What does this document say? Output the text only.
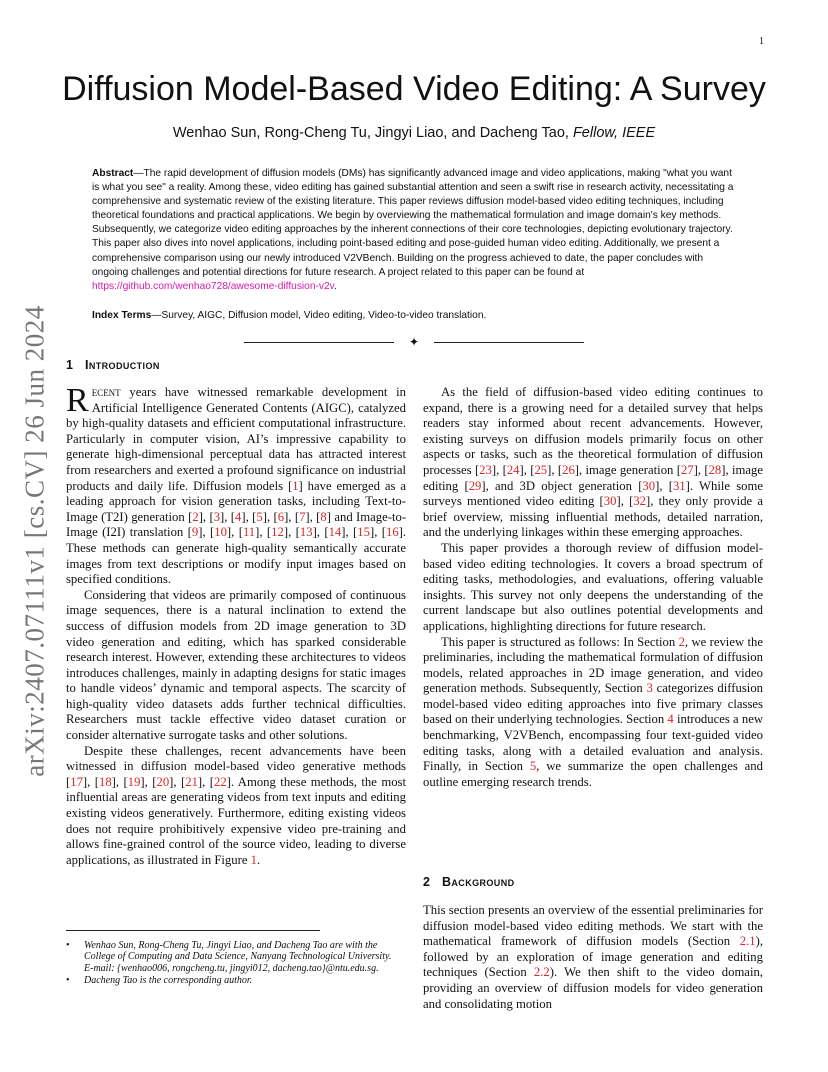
1
arXiv:2407.07111v1 [cs.CV] 26 Jun 2024
Diffusion Model-Based Video Editing: A Survey
Wenhao Sun, Rong-Cheng Tu, Jingyi Liao, and Dacheng Tao, Fellow, IEEE
Abstract—The rapid development of diffusion models (DMs) has significantly advanced image and video applications, making "what you want is what you see" a reality. Among these, video editing has gained substantial attention and seen a swift rise in research activity, necessitating a comprehensive and systematic review of the existing literature. This paper reviews diffusion model-based video editing techniques, including theoretical foundations and practical applications. We begin by overviewing the mathematical formulation and image domain's key methods. Subsequently, we categorize video editing approaches by the inherent connections of their core technologies, depicting evolutionary trajectory. This paper also dives into novel applications, including point-based editing and pose-guided human video editing. Additionally, we present a comprehensive comparison using our newly introduced V2VBench. Building on the progress achieved to date, the paper concludes with ongoing challenges and potential directions for future research. A project related to this paper can be found at https://github.com/wenhao728/awesome-diffusion-v2v.
Index Terms—Survey, AIGC, Diffusion model, Video editing, Video-to-video translation.
✦
1 Introduction

Recent years have witnessed remarkable development in Artificial Intelligence Generated Contents (AIGC), catalyzed by high-quality datasets and efficient computational infrastructure. Particularly in computer vision, AI’s impressive capability to generate high-dimensional perceptual data has attracted interest from researchers and exerted a profound significance on industrial products and daily life. Diffusion models [1] have emerged as a leading approach for vision generation tasks, including Text-to-Image (T2I) generation [2], [3], [4], [5], [6], [7], [8] and Image-to-Image (I2I) translation [9], [10], [11], [12], [13], [14], [15], [16]. These methods can generate high-quality semantically accurate images from text descriptions or modify input images based on specified conditions.

Considering that videos are primarily composed of continuous image sequences, there is a natural inclination to extend the success of diffusion models from 2D image generation to 3D video generation and editing, which has sparked considerable research interest. However, extending these architectures to videos introduces challenges, mainly in adapting designs for static images to handle videos’ dynamic and temporal aspects. The scarcity of high-quality video datasets adds further technical difficulties. Researchers must tackle effective video dataset curation or consider alternative surrogate tasks and other solutions.

Despite these challenges, recent advancements have been witnessed in diffusion model-based video generative methods [17], [18], [19], [20], [21], [22]. Among these methods, the most influential areas are generating videos from text inputs and editing existing videos generatively. Furthermore, editing existing videos does not require prohibitively expensive video pre-training and allows fine-grained control of the source video, leading to diverse applications, as illustrated in Figure 1.

• Wenhao Sun, Rong-Cheng Tu, Jingyi Liao, and Dacheng Tao are with the College of Computing and Data Science, Nanyang Technological University.
E-mail: {wenhao006, rongcheng.tu, jingyi012, dacheng.tao}@ntu.edu.sg.
• Dacheng Tao is the corresponding author.

As the field of diffusion-based video editing continues to expand, there is a growing need for a detailed survey that helps readers stay informed about recent advancements. However, existing surveys on diffusion models primarily focus on other aspects or tasks, such as the theoretical formulation of diffusion processes [23], [24], [25], [26], image generation [27], [28], image editing [29], and 3D object generation [30], [31]. While some surveys mentioned video editing [30], [32], they only provide a brief overview, missing influential methods, detailed narration, and the underlying linkages within these emerging approaches.

This paper provides a thorough review of diffusion model-based video editing technologies. It covers a broad spectrum of editing tasks, methodologies, and evaluations, offering valuable insights. This survey not only deepens the understanding of the current landscape but also outlines potential developments and applications, highlighting directions for future research.

This paper is structured as follows: In Section 2, we review the preliminaries, including the mathematical formulation of diffusion models, related approaches in 2D image generation, and video generation methods. Subsequently, Section 3 categorizes diffusion model-based video editing approaches into five primary classes based on their underlying technologies. Section 4 introduces a new benchmarking, V2VBench, encompassing four text-guided video editing tasks, along with a detailed evaluation and analysis. Finally, in Section 5, we summarize the open challenges and outline emerging research trends.

2 Background

This section presents an overview of the essential preliminaries for diffusion model-based video editing methods. We start with the mathematical framework of diffusion models (Section 2.1), followed by an exploration of image generation and editing techniques (Section 2.2). We then shift to the video domain, providing an overview of diffusion models for video generation and consolidating motion
